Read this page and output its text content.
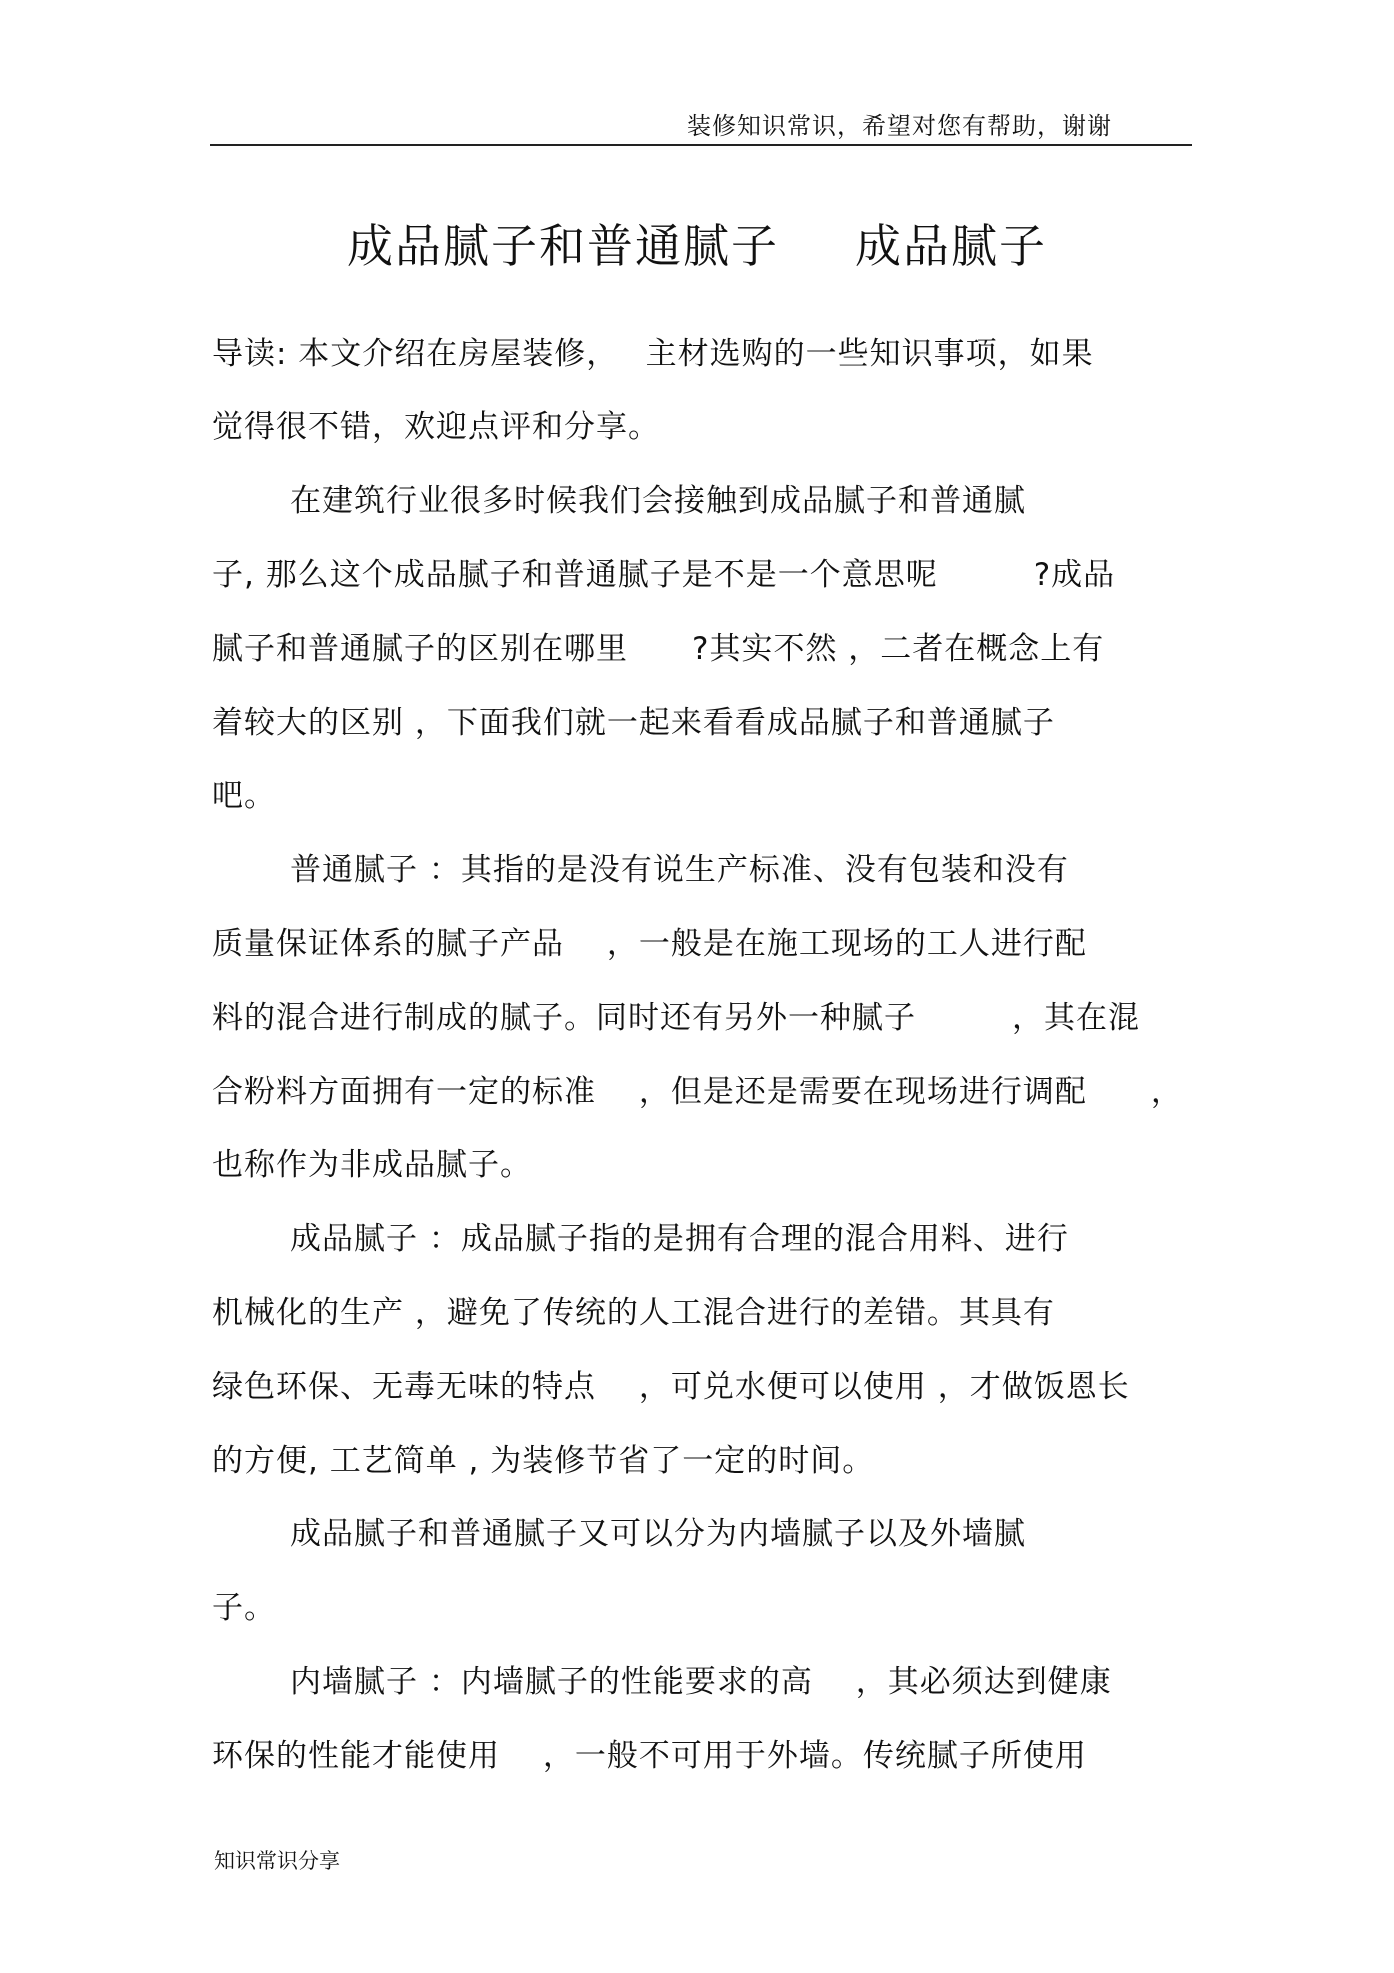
装修知识常识，希望对您有帮助，谢谢
成品腻子和普通腻子 成品腻子
导读: 本文介绍在房屋装修，　 主材选购的一些知识事项，如果
觉得很不错，欢迎点评和分享。
在建筑行业很多时候我们会接触到成品腻子和普通腻
子, 那么这个成品腻子和普通腻子是不是一个意思呢　　　?成品
腻子和普通腻子的区别在哪里　　?其实不然 ，二者在概念上有
着较大的区别 ，下面我们就一起来看看成品腻子和普通腻子
吧。
普通腻子 ：其指的是没有说生产标准、没有包装和没有
质量保证体系的腻子产品　 ，一般是在施工现场的工人进行配
料的混合进行制成的腻子。同时还有另外一种腻子　　　，其在混
合粉料方面拥有一定的标准　 ，但是还是需要在现场进行调配　　，
也称作为非成品腻子。
成品腻子 ：成品腻子指的是拥有合理的混合用料、进行
机械化的生产 ，避免了传统的人工混合进行的差错。其具有
绿色环保、无毒无味的特点　 ，可兑水便可以使用 ，才做饭恩长
的方便, 工艺简单 , 为装修节省了一定的时间。
成品腻子和普通腻子又可以分为内墙腻子以及外墙腻
子。
内墙腻子 ：内墙腻子的性能要求的高　 ，其必须达到健康
环保的性能才能使用　 ，一般不可用于外墙。传统腻子所使用
知识常识分享
